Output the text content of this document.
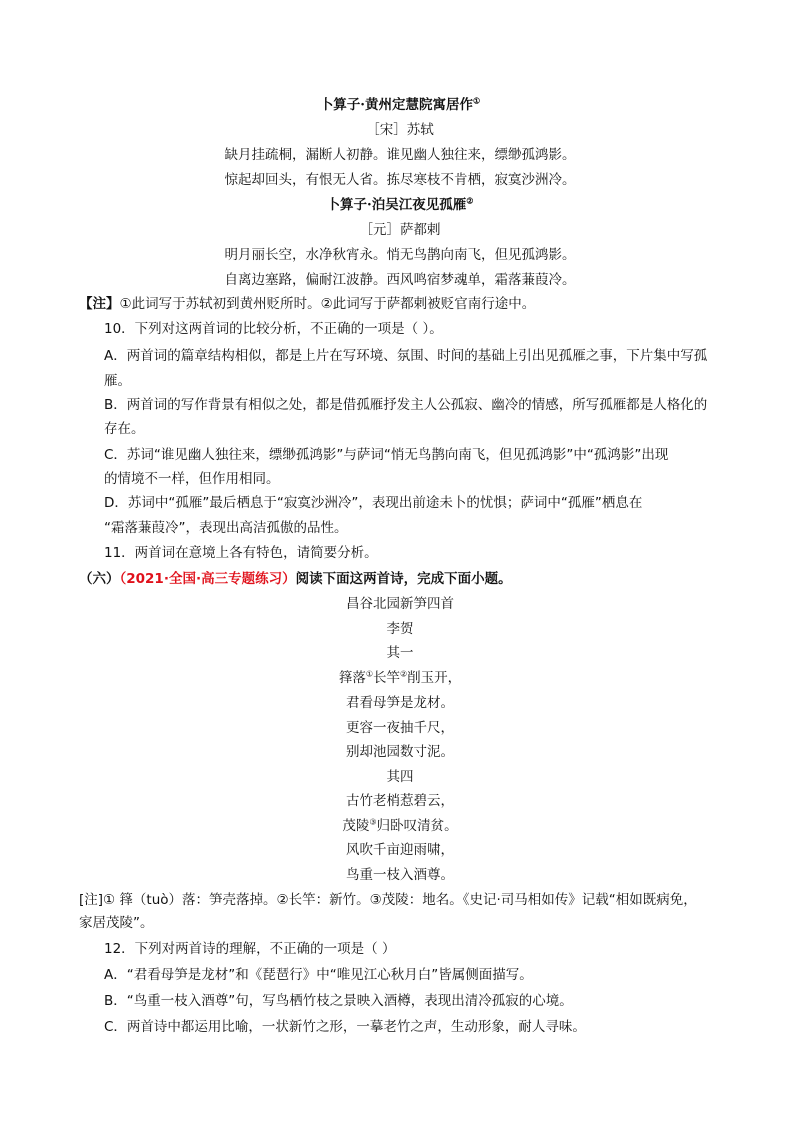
卜算子·黄州定慧院寓居作①
［宋］苏轼
缺月挂疏桐，漏断人初静。谁见幽人独往来，缥缈孤鸿影。
惊起却回头，有恨无人省。拣尽寒枝不肯栖，寂寞沙洲冷。
卜算子·泊吴江夜见孤雁②
［元］萨都剌
明月丽长空，水净秋宵永。悄无鸟鹊向南飞，但见孤鸿影。
自离边塞路，偏耐江波静。西风鸣宿梦魂单，霜落蒹葭冷。
【注】①此词写于苏轼初到黄州贬所时。②此词写于萨都剌被贬官南行途中。
10．下列对这两首词的比较分析，不正确的一项是（ ）。
A．两首词的篇章结构相似，都是上片在写环境、氛围、时间的基础上引出见孤雁之事，下片集中写孤
雁。
B．两首词的写作背景有相似之处，都是借孤雁抒发主人公孤寂、幽冷的情感，所写孤雁都是人格化的
存在。
C．苏词“谁见幽人独往来，缥缈孤鸿影”与萨词“悄无鸟鹊向南飞，但见孤鸿影”中“孤鸿影”出现
的情境不一样，但作用相同。
D．苏词中“孤雁”最后栖息于“寂寞沙洲冷”，表现出前途未卜的忧惧；萨词中“孤雁”栖息在
“霜落蒹葭冷”，表现出高洁孤傲的品性。
11．两首词在意境上各有特色，请简要分析。
（六）（2021·全国·高三专题练习）阅读下面这两首诗，完成下面小题。
昌谷北园新笋四首
李贺
其一
箨落①长竿②削玉开，
君看母笋是龙材。
更容一夜抽千尺，
别却池园数寸泥。
其四
古竹老梢惹碧云，
茂陵③归卧叹清贫。
风吹千亩迎雨啸，
鸟重一枝入酒尊。
[注]① 箨（tuò）落：笋壳落掉。②长竿：新竹。③茂陵：地名。《史记·司马相如传》记载“相如既病免，
家居茂陵”。
12．下列对两首诗的理解，不正确的一项是（ ）
A．“君看母笋是龙材”和《琵琶行》中“唯见江心秋月白”皆属侧面描写。
B．“鸟重一枝入酒尊”句，写鸟栖竹枝之景映入酒樽，表现出清冷孤寂的心境。
C．两首诗中都运用比喻，一状新竹之形，一摹老竹之声，生动形象，耐人寻味。
